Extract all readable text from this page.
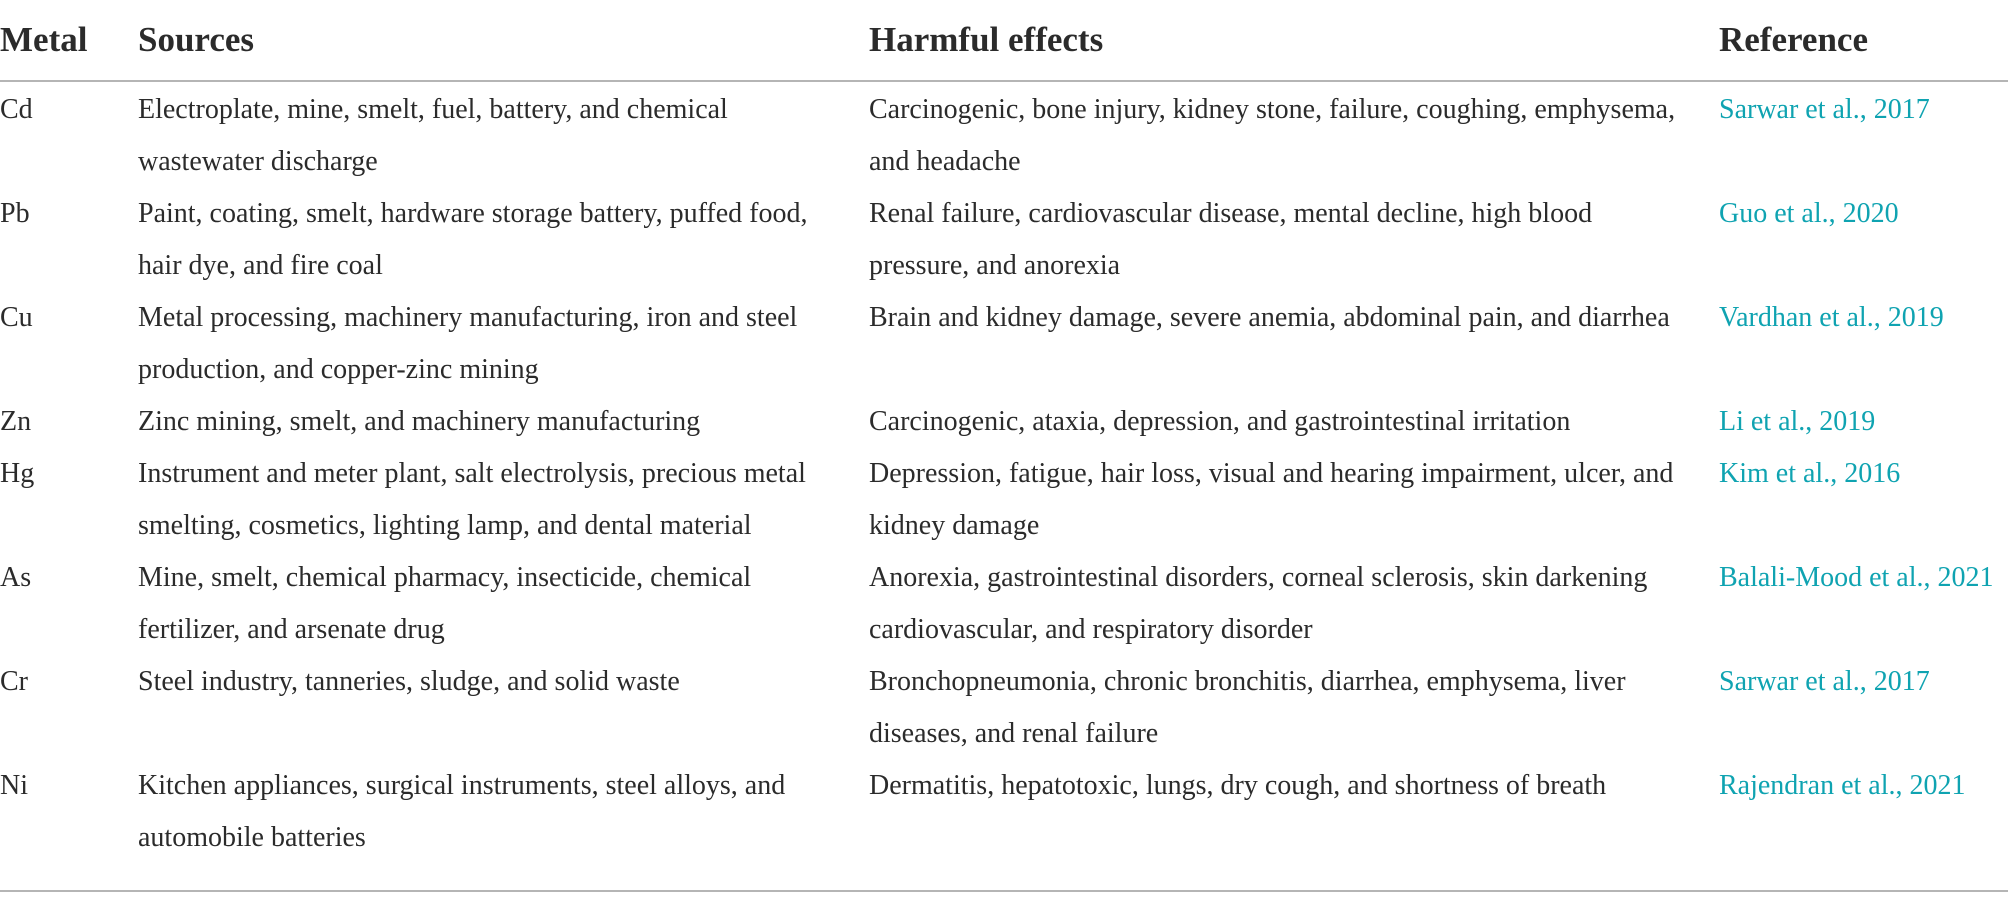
Metal	Sources	Harmful effects	Reference
Cd	Electroplate, mine, smelt, fuel, battery, and chemical wastewater discharge	Carcinogenic, bone injury, kidney stone, failure, coughing, emphysema, and headache	Sarwar et al., 2017
Pb	Paint, coating, smelt, hardware storage battery, puffed food, hair dye, and fire coal	Renal failure, cardiovascular disease, mental decline, high blood pressure, and anorexia	Guo et al., 2020
Cu	Metal processing, machinery manufacturing, iron and steel production, and copper-zinc mining	Brain and kidney damage, severe anemia, abdominal pain, and diarrhea	Vardhan et al., 2019
Zn	Zinc mining, smelt, and machinery manufacturing	Carcinogenic, ataxia, depression, and gastrointestinal irritation	Li et al., 2019
Hg	Instrument and meter plant, salt electrolysis, precious metal smelting, cosmetics, lighting lamp, and dental material	Depression, fatigue, hair loss, visual and hearing impairment, ulcer, and kidney damage	Kim et al., 2016
As	Mine, smelt, chemical pharmacy, insecticide, chemical fertilizer, and arsenate drug	Anorexia, gastrointestinal disorders, corneal sclerosis, skin darkening cardiovascular, and respiratory disorder	Balali-Mood et al., 2021
Cr	Steel industry, tanneries, sludge, and solid waste	Bronchopneumonia, chronic bronchitis, diarrhea, emphysema, liver diseases, and renal failure	Sarwar et al., 2017
Ni	Kitchen appliances, surgical instruments, steel alloys, and automobile batteries	Dermatitis, hepatotoxic, lungs, dry cough, and shortness of breath	Rajendran et al., 2021
